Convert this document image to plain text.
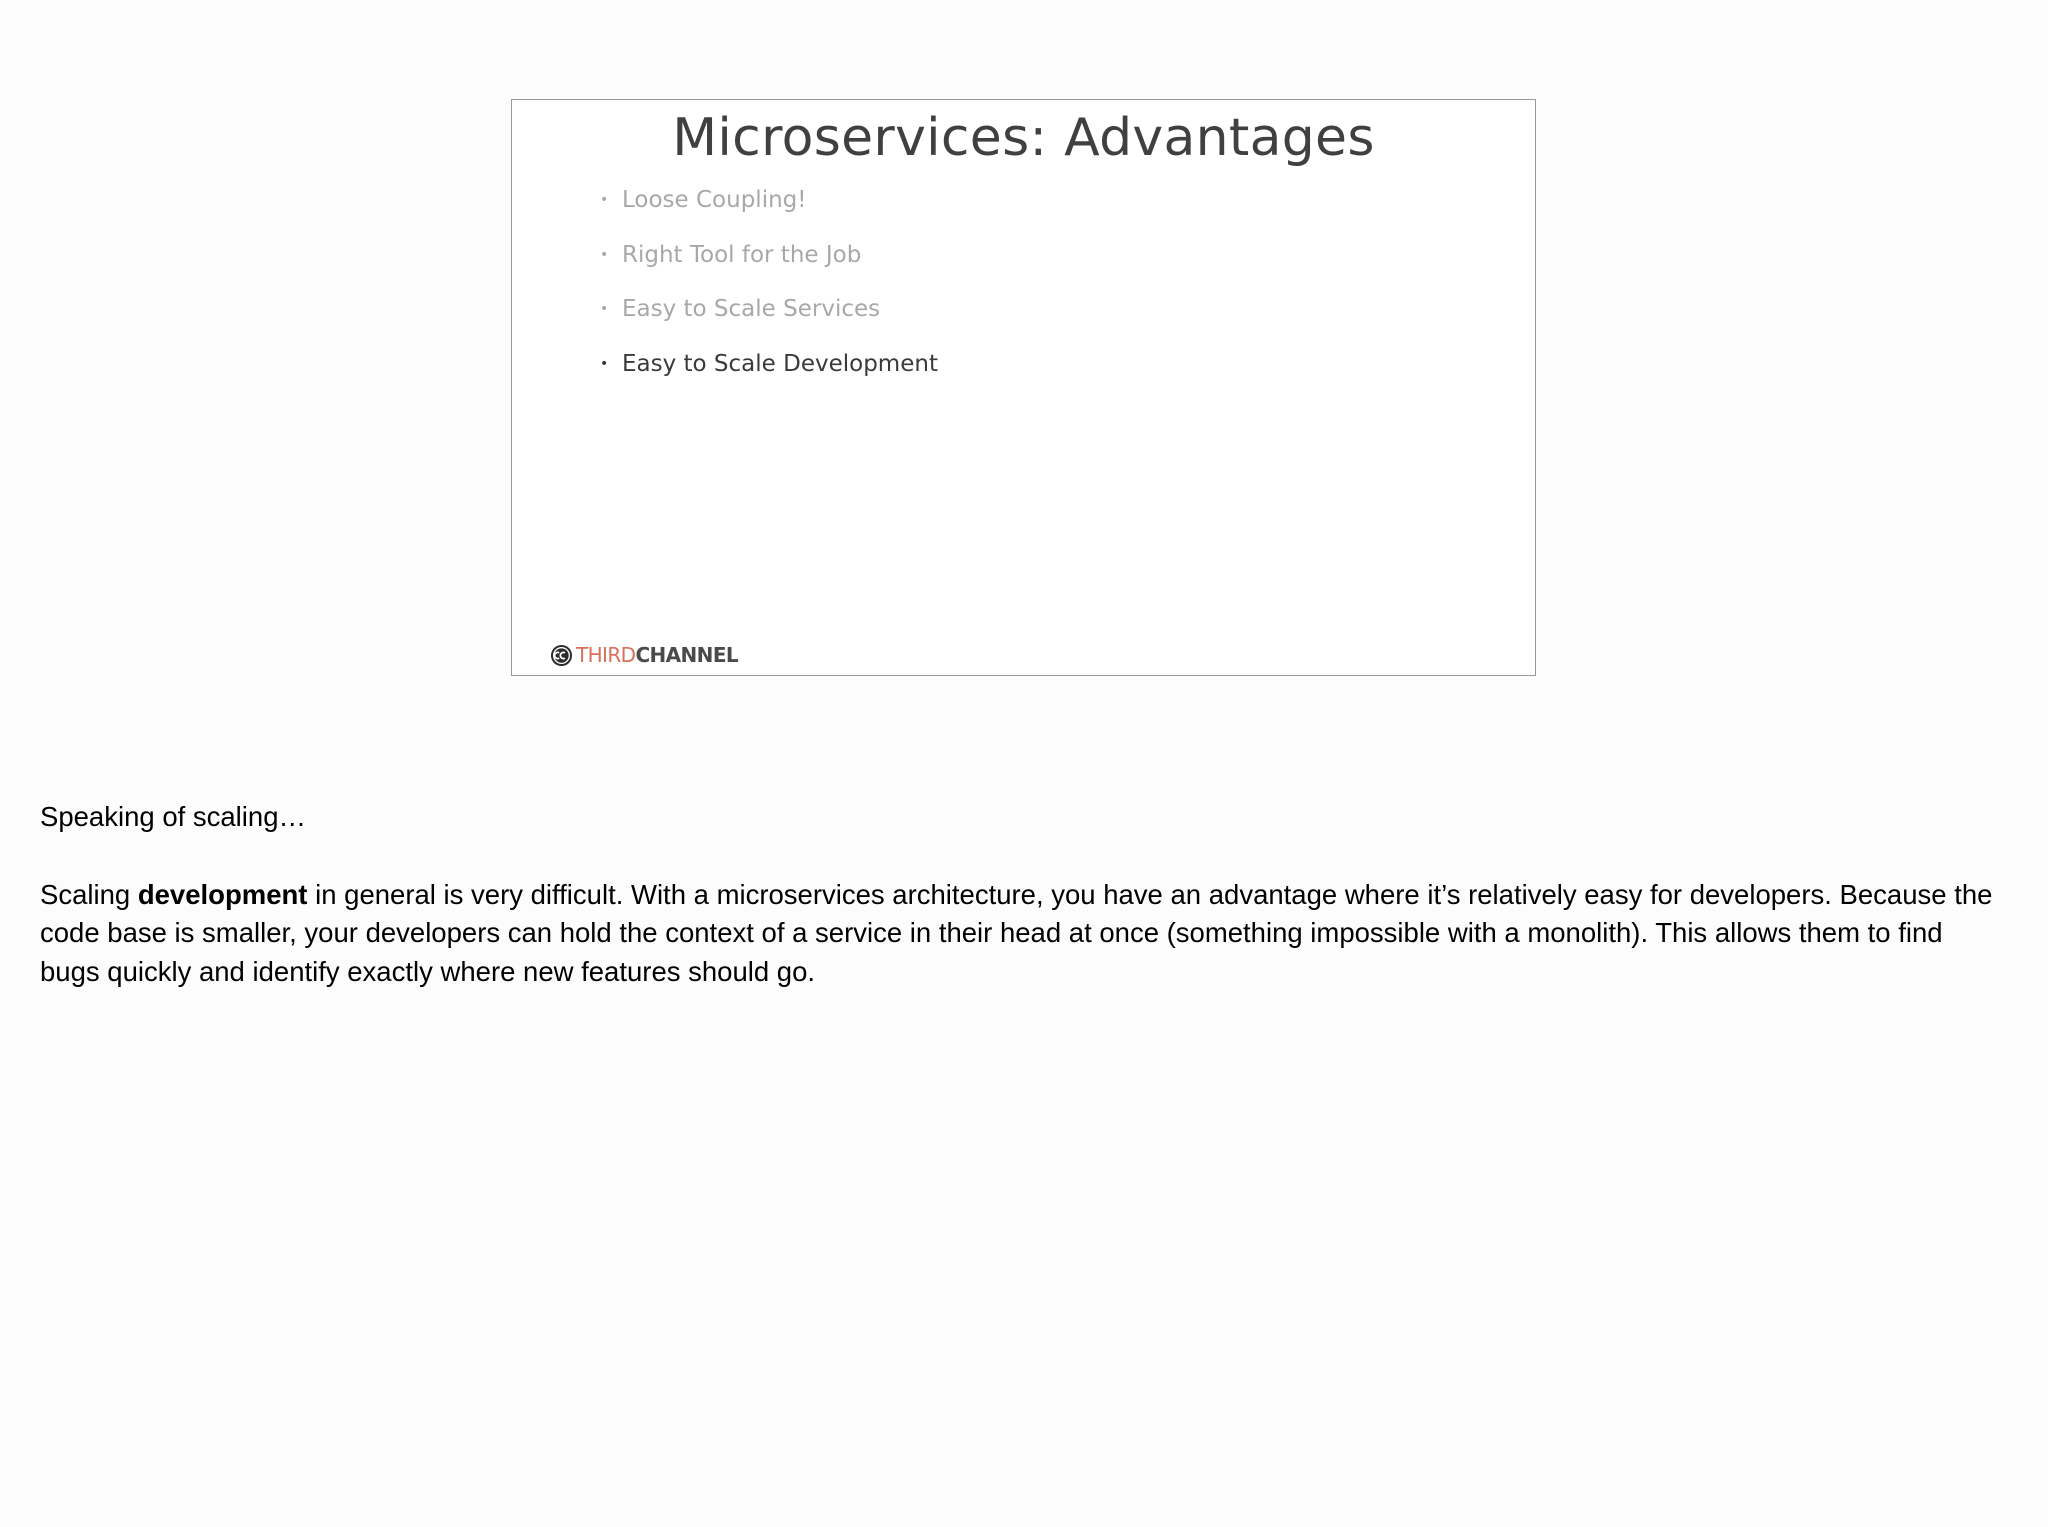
Microservices: Advantages
• Loose Coupling!
• Right Tool for the Job
• Easy to Scale Services
• Easy to Scale Development
THIRD CHANNEL

Speaking of scaling…

Scaling development in general is very difficult. With a microservices architecture, you have an advantage where it’s relatively easy for developers. Because the code base is smaller, your developers can hold the context of a service in their head at once (something impossible with a monolith). This allows them to find bugs quickly and identify exactly where new features should go.
